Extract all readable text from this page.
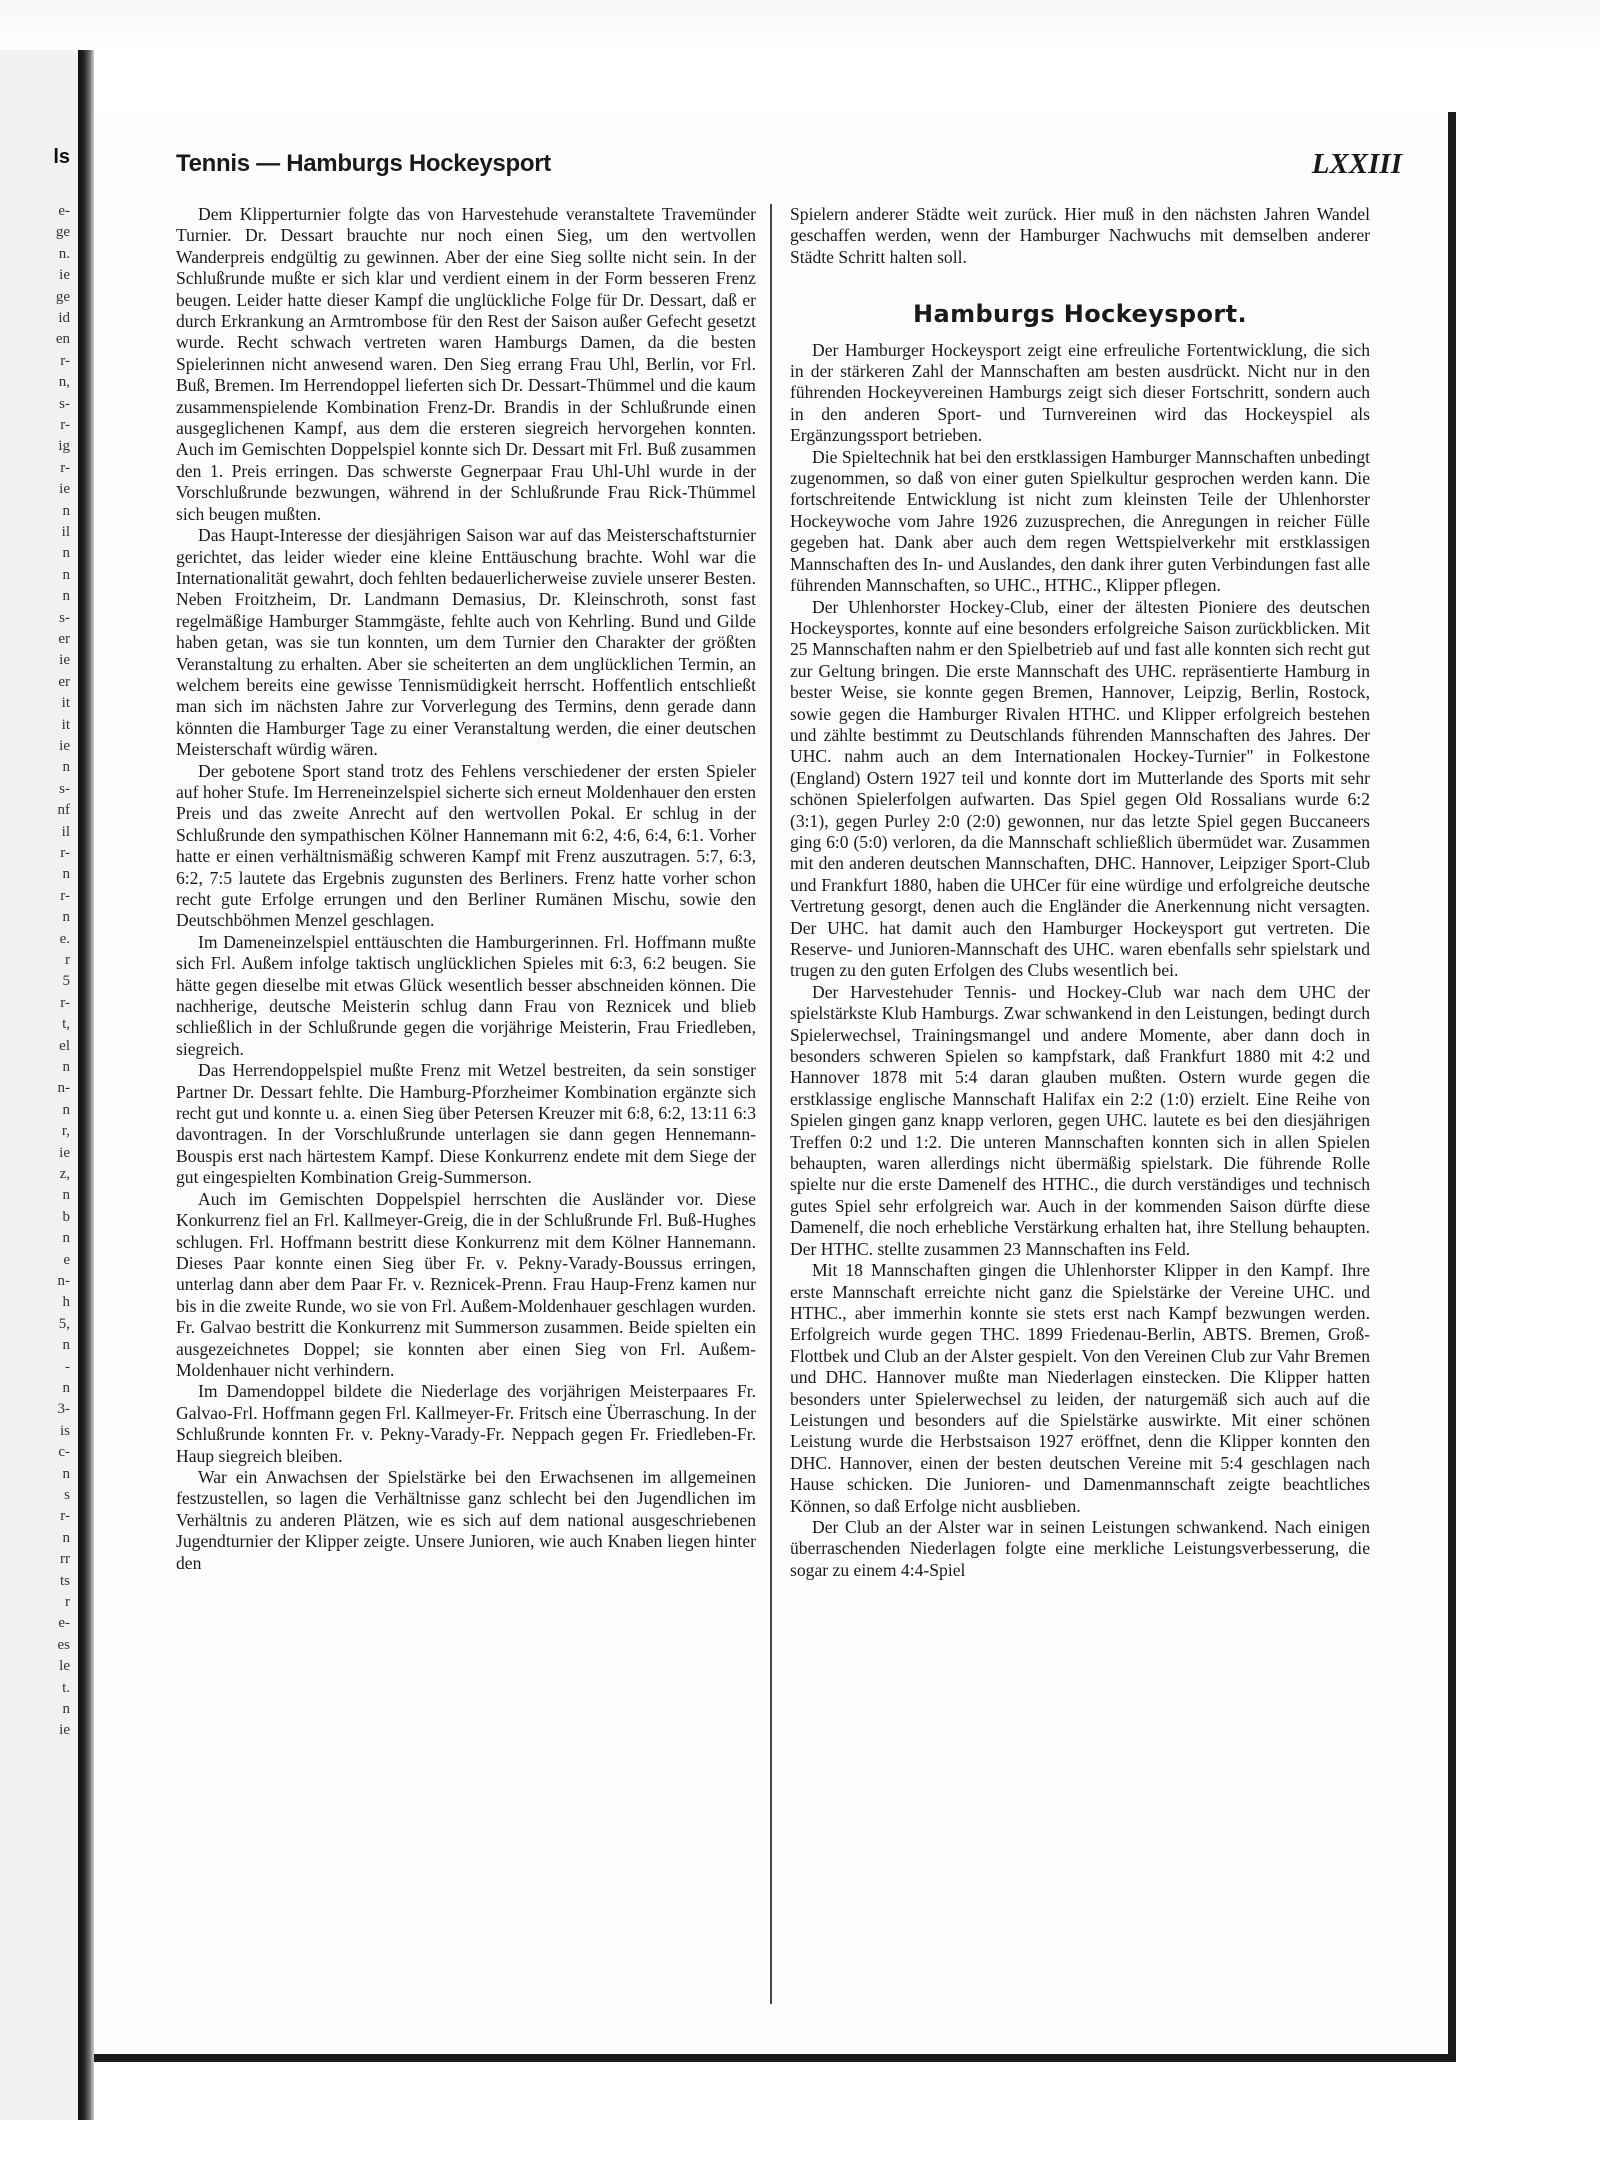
ls
e-
ge
n.
ie
ge
id
en
r-
n,
s-
r-
ig
r-
ie
n
il
n
n
n
s-
er
ie
er
it
it
ie
n
s-
nf
il
r-
n
r-
n
e.
r
5
r-
t,
el
n
n-
n
r,
ie
z,
n
b
n
e
n-
h
5,
n
-
n
3-
is
c-
n
s
r-
n
rr
ts
r
e-
es
le
t.
n
ie
Tennis — Hamburgs Hockeysport	LXXIII

Dem Klipperturnier folgte das von Harvestehude veranstaltete Travemünder Turnier. Dr. Dessart brauchte nur noch einen Sieg, um den wertvollen Wanderpreis endgültig zu gewinnen. Aber der eine Sieg sollte nicht sein. In der Schlußrunde mußte er sich klar und verdient einem in der Form besseren Frenz beugen. Leider hatte dieser Kampf die unglückliche Folge für Dr. Dessart, daß er durch Erkrankung an Armtrombose für den Rest der Saison außer Gefecht gesetzt wurde. Recht schwach vertreten waren Hamburgs Damen, da die besten Spielerinnen nicht anwesend waren. Den Sieg errang Frau Uhl, Berlin, vor Frl. Buß, Bremen. Im Herrendoppel lieferten sich Dr. Dessart-Thümmel und die kaum zusammenspielende Kombination Frenz-Dr. Brandis in der Schlußrunde einen ausgeglichenen Kampf, aus dem die ersteren siegreich hervorgehen konnten. Auch im Gemischten Doppelspiel konnte sich Dr. Dessart mit Frl. Buß zusammen den 1. Preis erringen. Das schwerste Gegnerpaar Frau Uhl-Uhl wurde in der Vorschlußrunde bezwungen, während in der Schlußrunde Frau Rick-Thümmel sich beugen mußten.

Das Haupt-Interesse der diesjährigen Saison war auf das Meisterschaftsturnier gerichtet, das leider wieder eine kleine Enttäuschung brachte. Wohl war die Internationalität gewahrt, doch fehlten bedauerlicherweise zuviele unserer Besten. Neben Froitzheim, Dr. Landmann Demasius, Dr. Kleinschroth, sonst fast regelmäßige Hamburger Stammgäste, fehlte auch von Kehrling. Bund und Gilde haben getan, was sie tun konnten, um dem Turnier den Charakter der größten Veranstaltung zu erhalten. Aber sie scheiterten an dem unglücklichen Termin, an welchem bereits eine gewisse Tennismüdigkeit herrscht. Hoffentlich entschließt man sich im nächsten Jahre zur Vorverlegung des Termins, denn gerade dann könnten die Hamburger Tage zu einer Veranstaltung werden, die einer deutschen Meisterschaft würdig wären.

Der gebotene Sport stand trotz des Fehlens verschiedener der ersten Spieler auf hoher Stufe. Im Herreneinzelspiel sicherte sich erneut Moldenhauer den ersten Preis und das zweite Anrecht auf den wertvollen Pokal. Er schlug in der Schlußrunde den sympathischen Kölner Hannemann mit 6:2, 4:6, 6:4, 6:1. Vorher hatte er einen verhältnismäßig schweren Kampf mit Frenz auszutragen. 5:7, 6:3, 6:2, 7:5 lautete das Ergebnis zugunsten des Berliners. Frenz hatte vorher schon recht gute Erfolge errungen und den Berliner Rumänen Mischu, sowie den Deutschböhmen Menzel geschlagen.

Im Dameneinzelspiel enttäuschten die Hamburgerinnen. Frl. Hoffmann mußte sich Frl. Außem infolge taktisch unglücklichen Spieles mit 6:3, 6:2 beugen. Sie hätte gegen dieselbe mit etwas Glück wesentlich besser abschneiden können. Die nachherige, deutsche Meisterin schlug dann Frau von Reznicek und blieb schließlich in der Schlußrunde gegen die vorjährige Meisterin, Frau Friedleben, siegreich.

Das Herrendoppelspiel mußte Frenz mit Wetzel bestreiten, da sein sonstiger Partner Dr. Dessart fehlte. Die Hamburg-Pforzheimer Kombination ergänzte sich recht gut und konnte u. a. einen Sieg über Petersen Kreuzer mit 6:8, 6:2, 13:11 6:3 davontragen. In der Vorschlußrunde unterlagen sie dann gegen Hennemann-Bouspis erst nach härtestem Kampf. Diese Konkurrenz endete mit dem Siege der gut eingespielten Kombination Greig-Summerson.

Auch im Gemischten Doppelspiel herrschten die Ausländer vor. Diese Konkurrenz fiel an Frl. Kallmeyer-Greig, die in der Schlußrunde Frl. Buß-Hughes schlugen. Frl. Hoffmann bestritt diese Konkurrenz mit dem Kölner Hannemann. Dieses Paar konnte einen Sieg über Fr. v. Pekny-Varady-Boussus erringen, unterlag dann aber dem Paar Fr. v. Reznicek-Prenn. Frau Haup-Frenz kamen nur bis in die zweite Runde, wo sie von Frl. Außem-Moldenhauer geschlagen wurden. Fr. Galvao bestritt die Konkurrenz mit Summerson zusammen. Beide spielten ein ausgezeichnetes Doppel; sie konnten aber einen Sieg von Frl. Außem-Moldenhauer nicht verhindern.

Im Damendoppel bildete die Niederlage des vorjährigen Meisterpaares Fr. Galvao-Frl. Hoffmann gegen Frl. Kallmeyer-Fr. Fritsch eine Überraschung. In der Schlußrunde konnten Fr. v. Pekny-Varady-Fr. Neppach gegen Fr. Friedleben-Fr. Haup siegreich bleiben.

War ein Anwachsen der Spielstärke bei den Erwachsenen im allgemeinen festzustellen, so lagen die Verhältnisse ganz schlecht bei den Jugendlichen im Verhältnis zu anderen Plätzen, wie es sich auf dem national ausgeschriebenen Jugendturnier der Klipper zeigte. Unsere Junioren, wie auch Knaben liegen hinter den

Spielern anderer Städte weit zurück. Hier muß in den nächsten Jahren Wandel geschaffen werden, wenn der Hamburger Nachwuchs mit demselben anderer Städte Schritt halten soll.

Hamburgs Hockeysport.

Der Hamburger Hockeysport zeigt eine erfreuliche Fortentwicklung, die sich in der stärkeren Zahl der Mannschaften am besten ausdrückt. Nicht nur in den führenden Hockeyvereinen Hamburgs zeigt sich dieser Fortschritt, sondern auch in den anderen Sport- und Turnvereinen wird das Hockeyspiel als Ergänzungssport betrieben.

Die Spieltechnik hat bei den erstklassigen Hamburger Mannschaften unbedingt zugenommen, so daß von einer guten Spielkultur gesprochen werden kann. Die fortschreitende Entwicklung ist nicht zum kleinsten Teile der Uhlenhorster Hockeywoche vom Jahre 1926 zuzusprechen, die Anregungen in reicher Fülle gegeben hat. Dank aber auch dem regen Wettspielverkehr mit erstklassigen Mannschaften des In- und Auslandes, den dank ihrer guten Verbindungen fast alle führenden Mannschaften, so UHC., HTHC., Klipper pflegen.

Der Uhlenhorster Hockey-Club, einer der ältesten Pioniere des deutschen Hockeysportes, konnte auf eine besonders erfolgreiche Saison zurückblicken. Mit 25 Mannschaften nahm er den Spielbetrieb auf und fast alle konnten sich recht gut zur Geltung bringen. Die erste Mannschaft des UHC. repräsentierte Hamburg in bester Weise, sie konnte gegen Bremen, Hannover, Leipzig, Berlin, Rostock, sowie gegen die Hamburger Rivalen HTHC. und Klipper erfolgreich bestehen und zählte bestimmt zu Deutschlands führenden Mannschaften des Jahres. Der UHC. nahm auch an dem Internationalen Hockey-Turnier" in Folkestone (England) Ostern 1927 teil und konnte dort im Mutterlande des Sports mit sehr schönen Spielerfolgen aufwarten. Das Spiel gegen Old Rossalians wurde 6:2 (3:1), gegen Purley 2:0 (2:0) gewonnen, nur das letzte Spiel gegen Buccaneers ging 6:0 (5:0) verloren, da die Mannschaft schließlich übermüdet war. Zusammen mit den anderen deutschen Mannschaften, DHC. Hannover, Leipziger Sport-Club und Frankfurt 1880, haben die UHCer für eine würdige und erfolgreiche deutsche Vertretung gesorgt, denen auch die Engländer die Anerkennung nicht versagten. Der UHC. hat damit auch den Hamburger Hockeysport gut vertreten. Die Reserve- und Junioren-Mannschaft des UHC. waren ebenfalls sehr spielstark und trugen zu den guten Erfolgen des Clubs wesentlich bei.

Der Harvestehuder Tennis- und Hockey-Club war nach dem UHC der spielstärkste Klub Hamburgs. Zwar schwankend in den Leistungen, bedingt durch Spielerwechsel, Trainingsmangel und andere Momente, aber dann doch in besonders schweren Spielen so kampfstark, daß Frankfurt 1880 mit 4:2 und Hannover 1878 mit 5:4 daran glauben mußten. Ostern wurde gegen die erstklassige englische Mannschaft Halifax ein 2:2 (1:0) erzielt. Eine Reihe von Spielen gingen ganz knapp verloren, gegen UHC. lautete es bei den diesjährigen Treffen 0:2 und 1:2. Die unteren Mannschaften konnten sich in allen Spielen behaupten, waren allerdings nicht übermäßig spielstark. Die führende Rolle spielte nur die erste Damenelf des HTHC., die durch verständiges und technisch gutes Spiel sehr erfolgreich war. Auch in der kommenden Saison dürfte diese Damenelf, die noch erhebliche Verstärkung erhalten hat, ihre Stellung behaupten. Der HTHC. stellte zusammen 23 Mannschaften ins Feld.

Mit 18 Mannschaften gingen die Uhlenhorster Klipper in den Kampf. Ihre erste Mannschaft erreichte nicht ganz die Spielstärke der Vereine UHC. und HTHC., aber immerhin konnte sie stets erst nach Kampf bezwungen werden. Erfolgreich wurde gegen THC. 1899 Friedenau-Berlin, ABTS. Bremen, Groß-Flottbek und Club an der Alster gespielt. Von den Vereinen Club zur Vahr Bremen und DHC. Hannover mußte man Niederlagen einstecken. Die Klipper hatten besonders unter Spielerwechsel zu leiden, der naturgemäß sich auch auf die Leistungen und besonders auf die Spielstärke auswirkte. Mit einer schönen Leistung wurde die Herbstsaison 1927 eröffnet, denn die Klipper konnten den DHC. Hannover, einen der besten deutschen Vereine mit 5:4 geschlagen nach Hause schicken. Die Junioren- und Damenmannschaft zeigte beachtliches Können, so daß Erfolge nicht ausblieben.

Der Club an der Alster war in seinen Leistungen schwankend. Nach einigen überraschenden Niederlagen folgte eine merkliche Leistungsverbesserung, die sogar zu einem 4:4-Spiel
